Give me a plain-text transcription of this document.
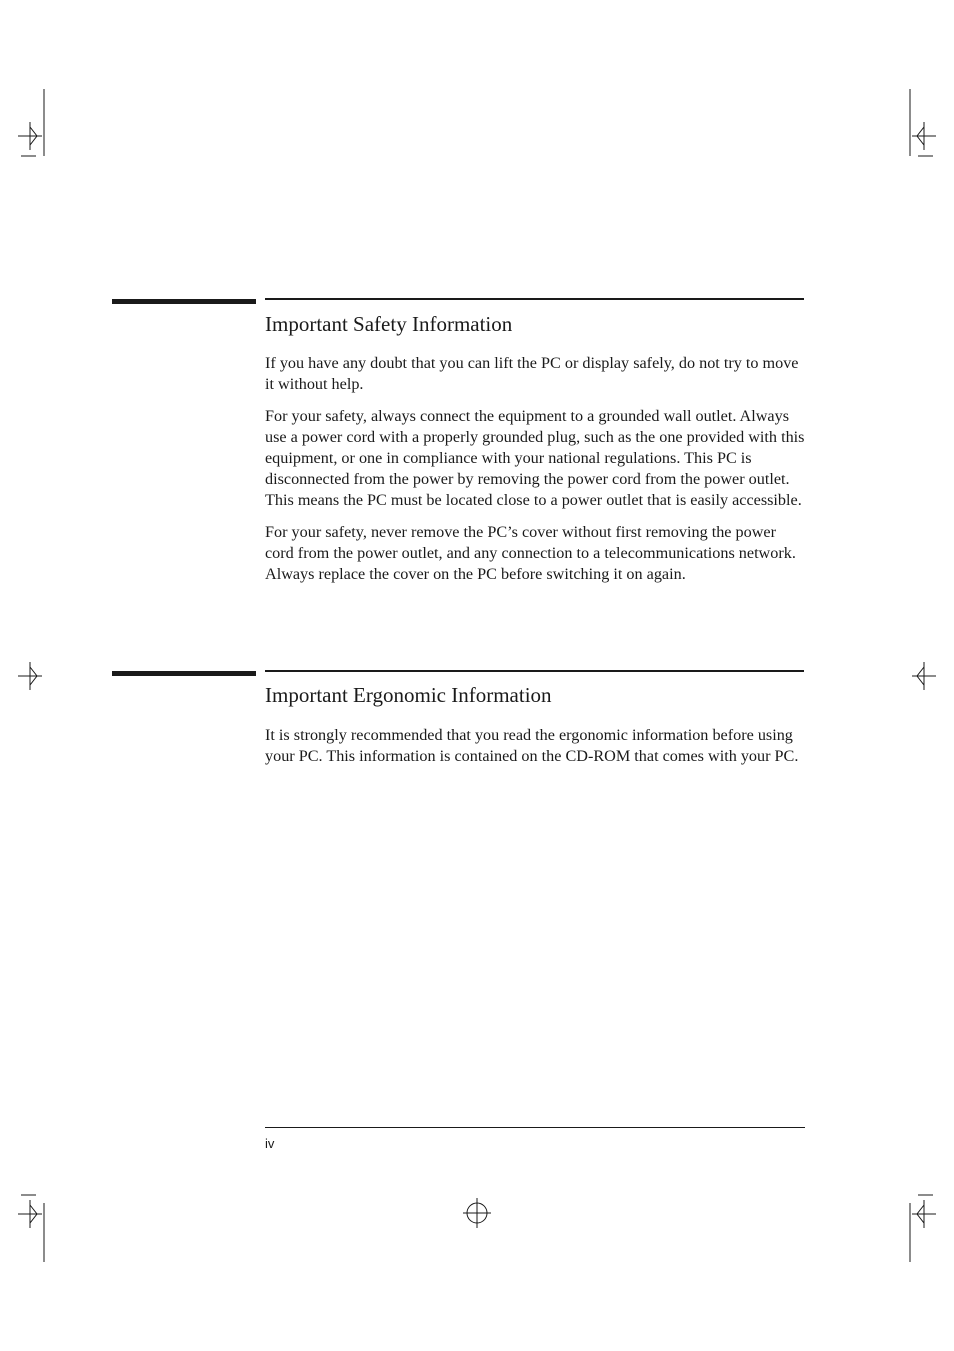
Important Safety Information

If you have any doubt that you can lift the PC or display safely, do not try to move it without help.

For your safety, always connect the equipment to a grounded wall outlet. Always use a power cord with a properly grounded plug, such as the one provided with this equipment, or one in compliance with your national regulations. This PC is disconnected from the power by removing the power cord from the power outlet. This means the PC must be located close to a power outlet that is easily accessible.

For your safety, never remove the PC’s cover without first removing the power cord from the power outlet, and any connection to a telecommunications network. Always replace the cover on the PC before switching it on again.

Important Ergonomic Information

It is strongly recommended that you read the ergonomic information before using your PC. This information is contained on the CD-ROM that comes with your PC.

iv
